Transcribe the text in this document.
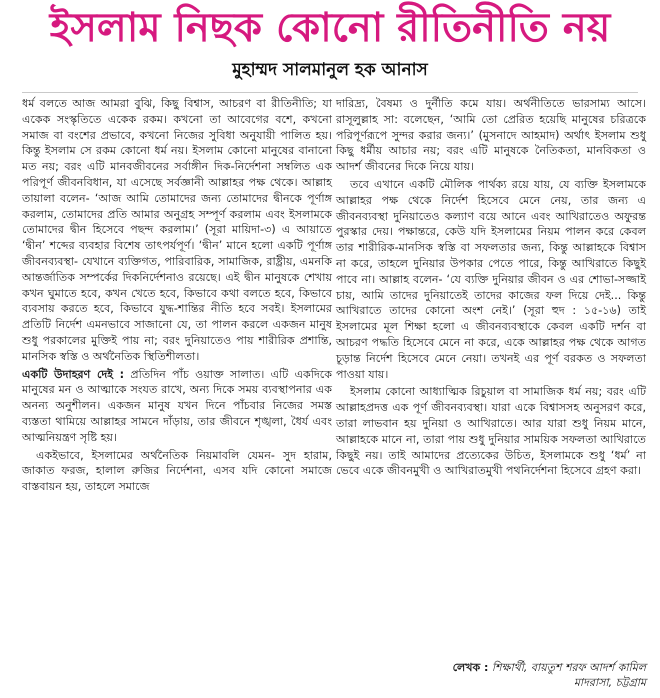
ইসলাম নিছক কোনো রীতিনীতি নয়
মুহাম্মদ সালমানুল হক আনাস

ধর্ম বলতে আজ আমরা বুঝি, কিছু বিশ্বাস, আচরণ বা রীতিনীতি; যা একেক সংস্কৃতিতে একেক রকম। কখনো তা আবেগের বশে, কখনো সমাজ বা বংশের প্রভাবে, কখনো নিজের সুবিধা অনুযায়ী পালিত হয়। কিন্তু ইসলাম সে রকম কোনো ধর্ম নয়। ইসলাম কোনো মানুষের বানানো মত নয়; বরং এটি মানবজীবনের সর্বাঙ্গীন দিক-নির্দেশনা সম্বলিত এক পরিপূর্ণ জীবনবিধান, যা এসেছে সর্বজ্ঞানী আল্লাহর পক্ষ থেকে। আল্লাহ তায়ালা বলেন- ‘আজ আমি তোমাদের জন্য তোমাদের দ্বীনকে পূর্ণাঙ্গ করলাম, তোমাদের প্রতি আমার অনুগ্রহ সম্পূর্ণ করলাম এবং ইসলামকে তোমাদের দ্বীন হিসেবে পছন্দ করলাম।’ (সূরা মায়িদা-৩) এ আয়াতে ‘দ্বীন’ শব্দের ব্যবহার বিশেষ তাৎপর্যপূর্ণ। ‘দ্বীন’ মানে হলো একটি পূর্ণাঙ্গ জীবনব্যবস্থা- যেখানে ব্যক্তিগত, পারিবারিক, সামাজিক, রাষ্ট্রীয়, এমনকি আন্তর্জাতিক সম্পর্কের দিকনির্দেশনাও রয়েছে। এই দ্বীন মানুষকে শেখায় কখন ঘুমাতে হবে, কখন খেতে হবে, কিভাবে কথা বলতে হবে, কিভাবে ব্যবসায় করতে হবে, কিভাবে যুদ্ধ-শান্তির নীতি হবে সবই। ইসলামের প্রতিটি নির্দেশ এমনভাবে সাজানো যে, তা পালন করলে একজন মানুষ শুধু পরকালের মুক্তিই পায় না; বরং দুনিয়াতেও পায় শারীরিক প্রশান্তি, মানসিক স্বস্তি ও অর্থনৈতিক স্থিতিশীলতা।

একটি উদাহরণ দেই : প্রতিদিন পাঁচ ওয়াক্ত সালাত। এটি একদিকে মানুষের মন ও আত্মাকে সংযত রাখে, অন্য দিকে সময় ব্যবস্থাপনার এক অনন্য অনুশীলন। একজন মানুষ যখন দিনে পাঁচবার নিজের সমস্ত ব্যস্ততা থামিয়ে আল্লাহর সামনে দাঁড়ায়, তার জীবনে শৃঙ্খলা, ধৈর্য এবং আত্মনিয়ন্ত্রণ সৃষ্টি হয়।

একইভাবে, ইসলামের অর্থনৈতিক নিয়মাবলি যেমন- সুদ হারাম, জাকাত ফরজ, হালাল রুজির নির্দেশনা, এসব যদি কোনো সমাজে বাস্তবায়ন হয়, তাহলে সমাজে

দারিদ্র্য, বৈষম্য ও দুর্নীতি কমে যায়। অর্থনীতিতে ভারসাম্য আসে। রাসূলুল্লাহ সা: বলেছেন, ‘আমি তো প্রেরিত হয়েছি মানুষের চরিত্রকে পরিপূর্ণরূপে সুন্দর করার জন্য।’ (মুসনাদে আহমাদ) অর্থাৎ ইসলাম শুধু কিছু ধর্মীয় আচার নয়; বরং এটি মানুষকে নৈতিকতা, মানবিকতা ও আদর্শ জীবনের দিকে নিয়ে যায়।

তবে এখানে একটি মৌলিক পার্থক্য রয়ে যায়, যে ব্যক্তি ইসলামকে আল্লাহর পক্ষ থেকে নির্দেশ হিসেবে মেনে নেয়, তার জন্য এ জীবনব্যবস্থা দুনিয়াতেও কল্যাণ বয়ে আনে এবং আখিরাতেও অফুরন্ত পুরস্কার দেয়। পক্ষান্তরে, কেউ যদি ইসলামের নিয়ম পালন করে কেবল তার শারীরিক-মানসিক স্বস্তি বা সফলতার জন্য, কিন্তু আল্লাহকে বিশ্বাস না করে, তাহলে দুনিয়ার উপকার পেতে পারে, কিন্তু আখিরাতে কিছুই পাবে না। আল্লাহ বলেন- ‘যে ব্যক্তি দুনিয়ার জীবন ও এর শোভা-সজ্জাই চায়, আমি তাদের দুনিয়াতেই তাদের কাজের ফল দিয়ে দেই... কিন্তু আখিরাতে তাদের কোনো অংশ নেই।’ (সূরা হুদ : ১৫-১৬) তাই ইসলামের মূল শিক্ষা হলো এ জীবনব্যবস্থাকে কেবল একটি দর্শন বা আচরণ পদ্ধতি হিসেবে মেনে না করে, একে আল্লাহর পক্ষ থেকে আগত চূড়ান্ত নির্দেশ হিসেবে মেনে নেয়া। তখনই এর পূর্ণ বরকত ও সফলতা পাওয়া যায়।

ইসলাম কোনো আধ্যাত্মিক রিচুয়াল বা সামাজিক ধর্ম নয়; বরং এটি আল্লাহপ্রদত্ত এক পূর্ণ জীবনব্যবস্থা। যারা একে বিশ্বাসসহ অনুসরণ করে, তারা লাভবান হয় দুনিয়া ও আখিরাতে। আর যারা শুধু নিয়ম মানে, আল্লাহকে মানে না, তারা পায় শুধু দুনিয়ার সাময়িক সফলতা আখিরাতে কিছুই নয়। তাই আমাদের প্রত্যেকের উচিত, ইসলামকে শুধু ‘ধর্ম’ না ভেবে একে জীবনমুখী ও আখিরাতমুখী পথনির্দেশনা হিসেবে গ্রহণ করা।

লেখক : শিক্ষার্থী, বায়তুশ শরফ আদর্শ কামিল
মাদরাসা, চট্টগ্রাম
